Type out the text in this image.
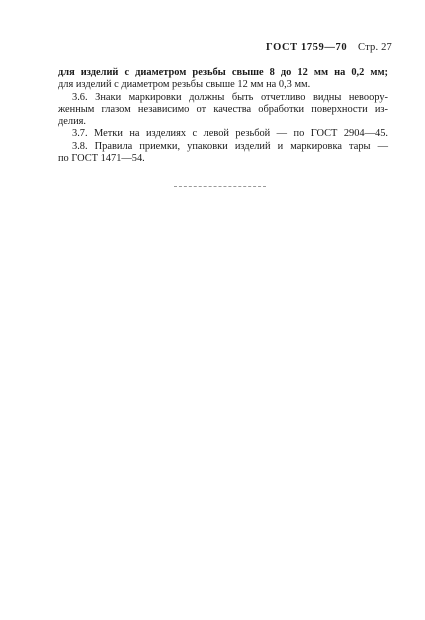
ГОСТ 1759—70 Стр. 27
для изделий с диаметром резьбы свыше 8 до 12 мм на 0,2 мм;
для изделий с диаметром резьбы свыше 12 мм на 0,3 мм.
3.6. Знаки маркировки должны быть отчетливо видны невоору-
женным глазом независимо от качества обработки поверхности из-
делия.
3.7. Метки на изделиях с левой резьбой — по ГОСТ 2904—45.
3.8. Правила приемки, упаковки изделий и маркировка тары —
по ГОСТ 1471—54.
